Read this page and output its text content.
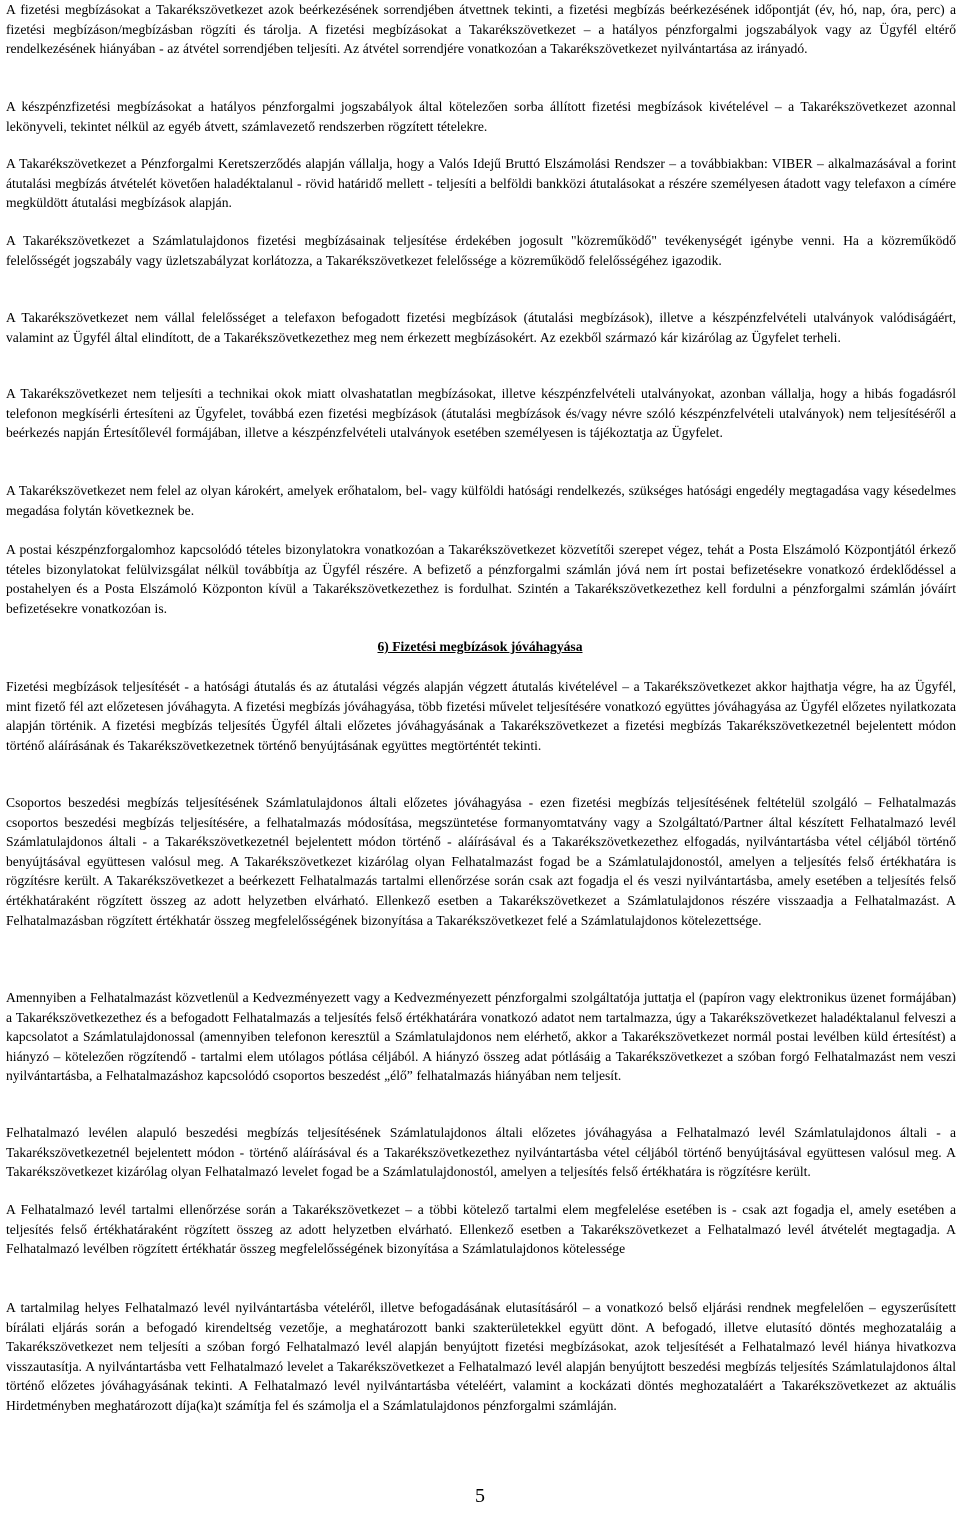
A fizetési megbízásokat a Takarékszövetkezet azok beérkezésének sorrendjében átvettnek tekinti, a fizetési megbízás beérkezésének időpontját (év, hó, nap, óra, perc) a fizetési megbízáson/megbízásban rögzíti és tárolja. A fizetési megbízásokat a Takarékszövetkezet – a hatályos pénzforgalmi jogszabályok vagy az Ügyfél eltérő rendelkezésének hiányában - az átvétel sorrendjében teljesíti. Az átvétel sorrendjére vonatkozóan a Takarékszövetkezet nyilvántartása az irányadó.

A készpénzfizetési megbízásokat a hatályos pénzforgalmi jogszabályok által kötelezően sorba állított fizetési megbízások kivételével – a Takarékszövetkezet azonnal lekönyveli, tekintet nélkül az egyéb átvett, számlavezető rendszerben rögzített tételekre.

A Takarékszövetkezet a Pénzforgalmi Keretszerződés alapján vállalja, hogy a Valós Idejű Bruttó Elszámolási Rendszer – a továbbiakban: VIBER – alkalmazásával a forint átutalási megbízás átvételét követően haladéktalanul - rövid határidő mellett - teljesíti a belföldi bankközi átutalásokat a részére személyesen átadott vagy telefaxon a címére megküldött átutalási megbízások alapján.

A Takarékszövetkezet a Számlatulajdonos fizetési megbízásainak teljesítése érdekében jogosult "közreműködő" tevékenységét igénybe venni. Ha a közreműködő felelősségét jogszabály vagy üzletszabályzat korlátozza, a Takarékszövetkezet felelőssége a közreműködő felelősségéhez igazodik.

A Takarékszövetkezet nem vállal felelősséget a telefaxon befogadott fizetési megbízások (átutalási megbízások), illetve a készpénzfelvételi utalványok valódiságáért, valamint az Ügyfél által elindított, de a Takarékszövetkezethez meg nem érkezett megbízásokért. Az ezekből származó kár kizárólag az Ügyfelet terheli.

A Takarékszövetkezet nem teljesíti a technikai okok miatt olvashatatlan megbízásokat, illetve készpénzfelvételi utalványokat, azonban vállalja, hogy a hibás fogadásról telefonon megkísérli értesíteni az Ügyfelet, továbbá ezen fizetési megbízások (átutalási megbízások és/vagy névre szóló készpénzfelvételi utalványok) nem teljesítéséről a beérkezés napján Értesítőlevél formájában, illetve a készpénzfelvételi utalványok esetében személyesen is tájékoztatja az Ügyfelet.

A Takarékszövetkezet nem felel az olyan károkért, amelyek erőhatalom, bel- vagy külföldi hatósági rendelkezés, szükséges hatósági engedély megtagadása vagy késedelmes megadása folytán következnek be.

A postai készpénzforgalomhoz kapcsolódó tételes bizonylatokra vonatkozóan a Takarékszövetkezet közvetítői szerepet végez, tehát a Posta Elszámoló Központjától érkező tételes bizonylatokat felülvizsgálat nélkül továbbítja az Ügyfél részére. A befizető a pénzforgalmi számlán jóvá nem írt postai befizetésekre vonatkozó érdeklődéssel a postahelyen és a Posta Elszámoló Központon kívül a Takarékszövetkezethez is fordulhat. Szintén a Takarékszövetkezethez kell fordulni a pénzforgalmi számlán jóváírt befizetésekre vonatkozóan is.

6) Fizetési megbízások jóváhagyása

Fizetési megbízások teljesítését - a hatósági átutalás és az átutalási végzés alapján végzett átutalás kivételével – a Takarékszövetkezet akkor hajthatja végre, ha az Ügyfél, mint fizető fél azt előzetesen jóváhagyta. A fizetési megbízás jóváhagyása, több fizetési művelet teljesítésére vonatkozó együttes jóváhagyása az Ügyfél előzetes nyilatkozata alapján történik. A fizetési megbízás teljesítés Ügyfél általi előzetes jóváhagyásának a Takarékszövetkezet a fizetési megbízás Takarékszövetkezetnél bejelentett módon történő aláírásának és Takarékszövetkezetnek történő benyújtásának együttes megtörténtét tekinti.

Csoportos beszedési megbízás teljesítésének Számlatulajdonos általi előzetes jóváhagyása - ezen fizetési megbízás teljesítésének feltételül szolgáló – Felhatalmazás csoportos beszedési megbízás teljesítésére, a felhatalmazás módosítása, megszüntetése formanyomtatvány vagy a Szolgáltató/Partner által készített Felhatalmazó levél Számlatulajdonos általi - a Takarékszövetkezetnél bejelentett módon történő - aláírásával és a Takarékszövetkezethez elfogadás, nyilvántartásba vétel céljából történő benyújtásával együttesen valósul meg. A Takarékszövetkezet kizárólag olyan Felhatalmazást fogad be a Számlatulajdonostól, amelyen a teljesítés felső értékhatára is rögzítésre került. A Takarékszövetkezet a beérkezett Felhatalmazás tartalmi ellenőrzése során csak azt fogadja el és veszi nyilvántartásba, amely esetében a teljesítés felső értékhatáraként rögzített összeg az adott helyzetben elvárható. Ellenkező esetben a Takarékszövetkezet a Számlatulajdonos részére visszaadja a Felhatalmazást. A Felhatalmazásban rögzített értékhatár összeg megfelelősségének bizonyítása a Takarékszövetkezet felé a Számlatulajdonos kötelezettsége.

Amennyiben a Felhatalmazást közvetlenül a Kedvezményezett vagy a Kedvezményezett pénzforgalmi szolgáltatója juttatja el (papíron vagy elektronikus üzenet formájában) a Takarékszövetkezethez és a befogadott Felhatalmazás a teljesítés felső értékhatárára vonatkozó adatot nem tartalmazza, úgy a Takarékszövetkezet haladéktalanul felveszi a kapcsolatot a Számlatulajdonossal (amennyiben telefonon keresztül a Számlatulajdonos nem elérhető, akkor a Takarékszövetkezet normál postai levélben küld értesítést) a hiányzó – kötelezően rögzítendő - tartalmi elem utólagos pótlása céljából. A hiányzó összeg adat pótlásáig a Takarékszövetkezet a szóban forgó Felhatalmazást nem veszi nyilvántartásba, a Felhatalmazáshoz kapcsolódó csoportos beszedést „élő” felhatalmazás hiányában nem teljesít.

Felhatalmazó levélen alapuló beszedési megbízás teljesítésének Számlatulajdonos általi előzetes jóváhagyása a Felhatalmazó levél Számlatulajdonos általi - a Takarékszövetkezetnél bejelentett módon - történő aláírásával és a Takarékszövetkezethez nyilvántartásba vétel céljából történő benyújtásával együttesen valósul meg. A Takarékszövetkezet kizárólag olyan Felhatalmazó levelet fogad be a Számlatulajdonostól, amelyen a teljesítés felső értékhatára is rögzítésre került.

A Felhatalmazó levél tartalmi ellenőrzése során a Takarékszövetkezet – a többi kötelező tartalmi elem megfelelése esetében is - csak azt fogadja el, amely esetében a teljesítés felső értékhatáraként rögzített összeg az adott helyzetben elvárható. Ellenkező esetben a Takarékszövetkezet a Felhatalmazó levél átvételét megtagadja. A Felhatalmazó levélben rögzített értékhatár összeg megfelelősségének bizonyítása a Számlatulajdonos kötelessége

A tartalmilag helyes Felhatalmazó levél nyilvántartásba vételéről, illetve befogadásának elutasításáról – a vonatkozó belső eljárási rendnek megfelelően – egyszerűsített bírálati eljárás során a befogadó kirendeltség vezetője, a meghatározott banki szakterületekkel együtt dönt. A befogadó, illetve elutasító döntés meghozataláig a Takarékszövetkezet nem teljesíti a szóban forgó Felhatalmazó levél alapján benyújtott fizetési megbízásokat, azok teljesítését a Felhatalmazó levél hiánya hivatkozva visszautasítja. A nyilvántartásba vett Felhatalmazó levelet a Takarékszövetkezet a Felhatalmazó levél alapján benyújtott beszedési megbízás teljesítés Számlatulajdonos által történő előzetes jóváhagyásának tekinti. A Felhatalmazó levél nyilvántartásba vételéért, valamint a kockázati döntés meghozataláért a Takarékszövetkezet az aktuális Hirdetményben meghatározott díja(ka)t számítja fel és számolja el a Számlatulajdonos pénzforgalmi számláján.

5
